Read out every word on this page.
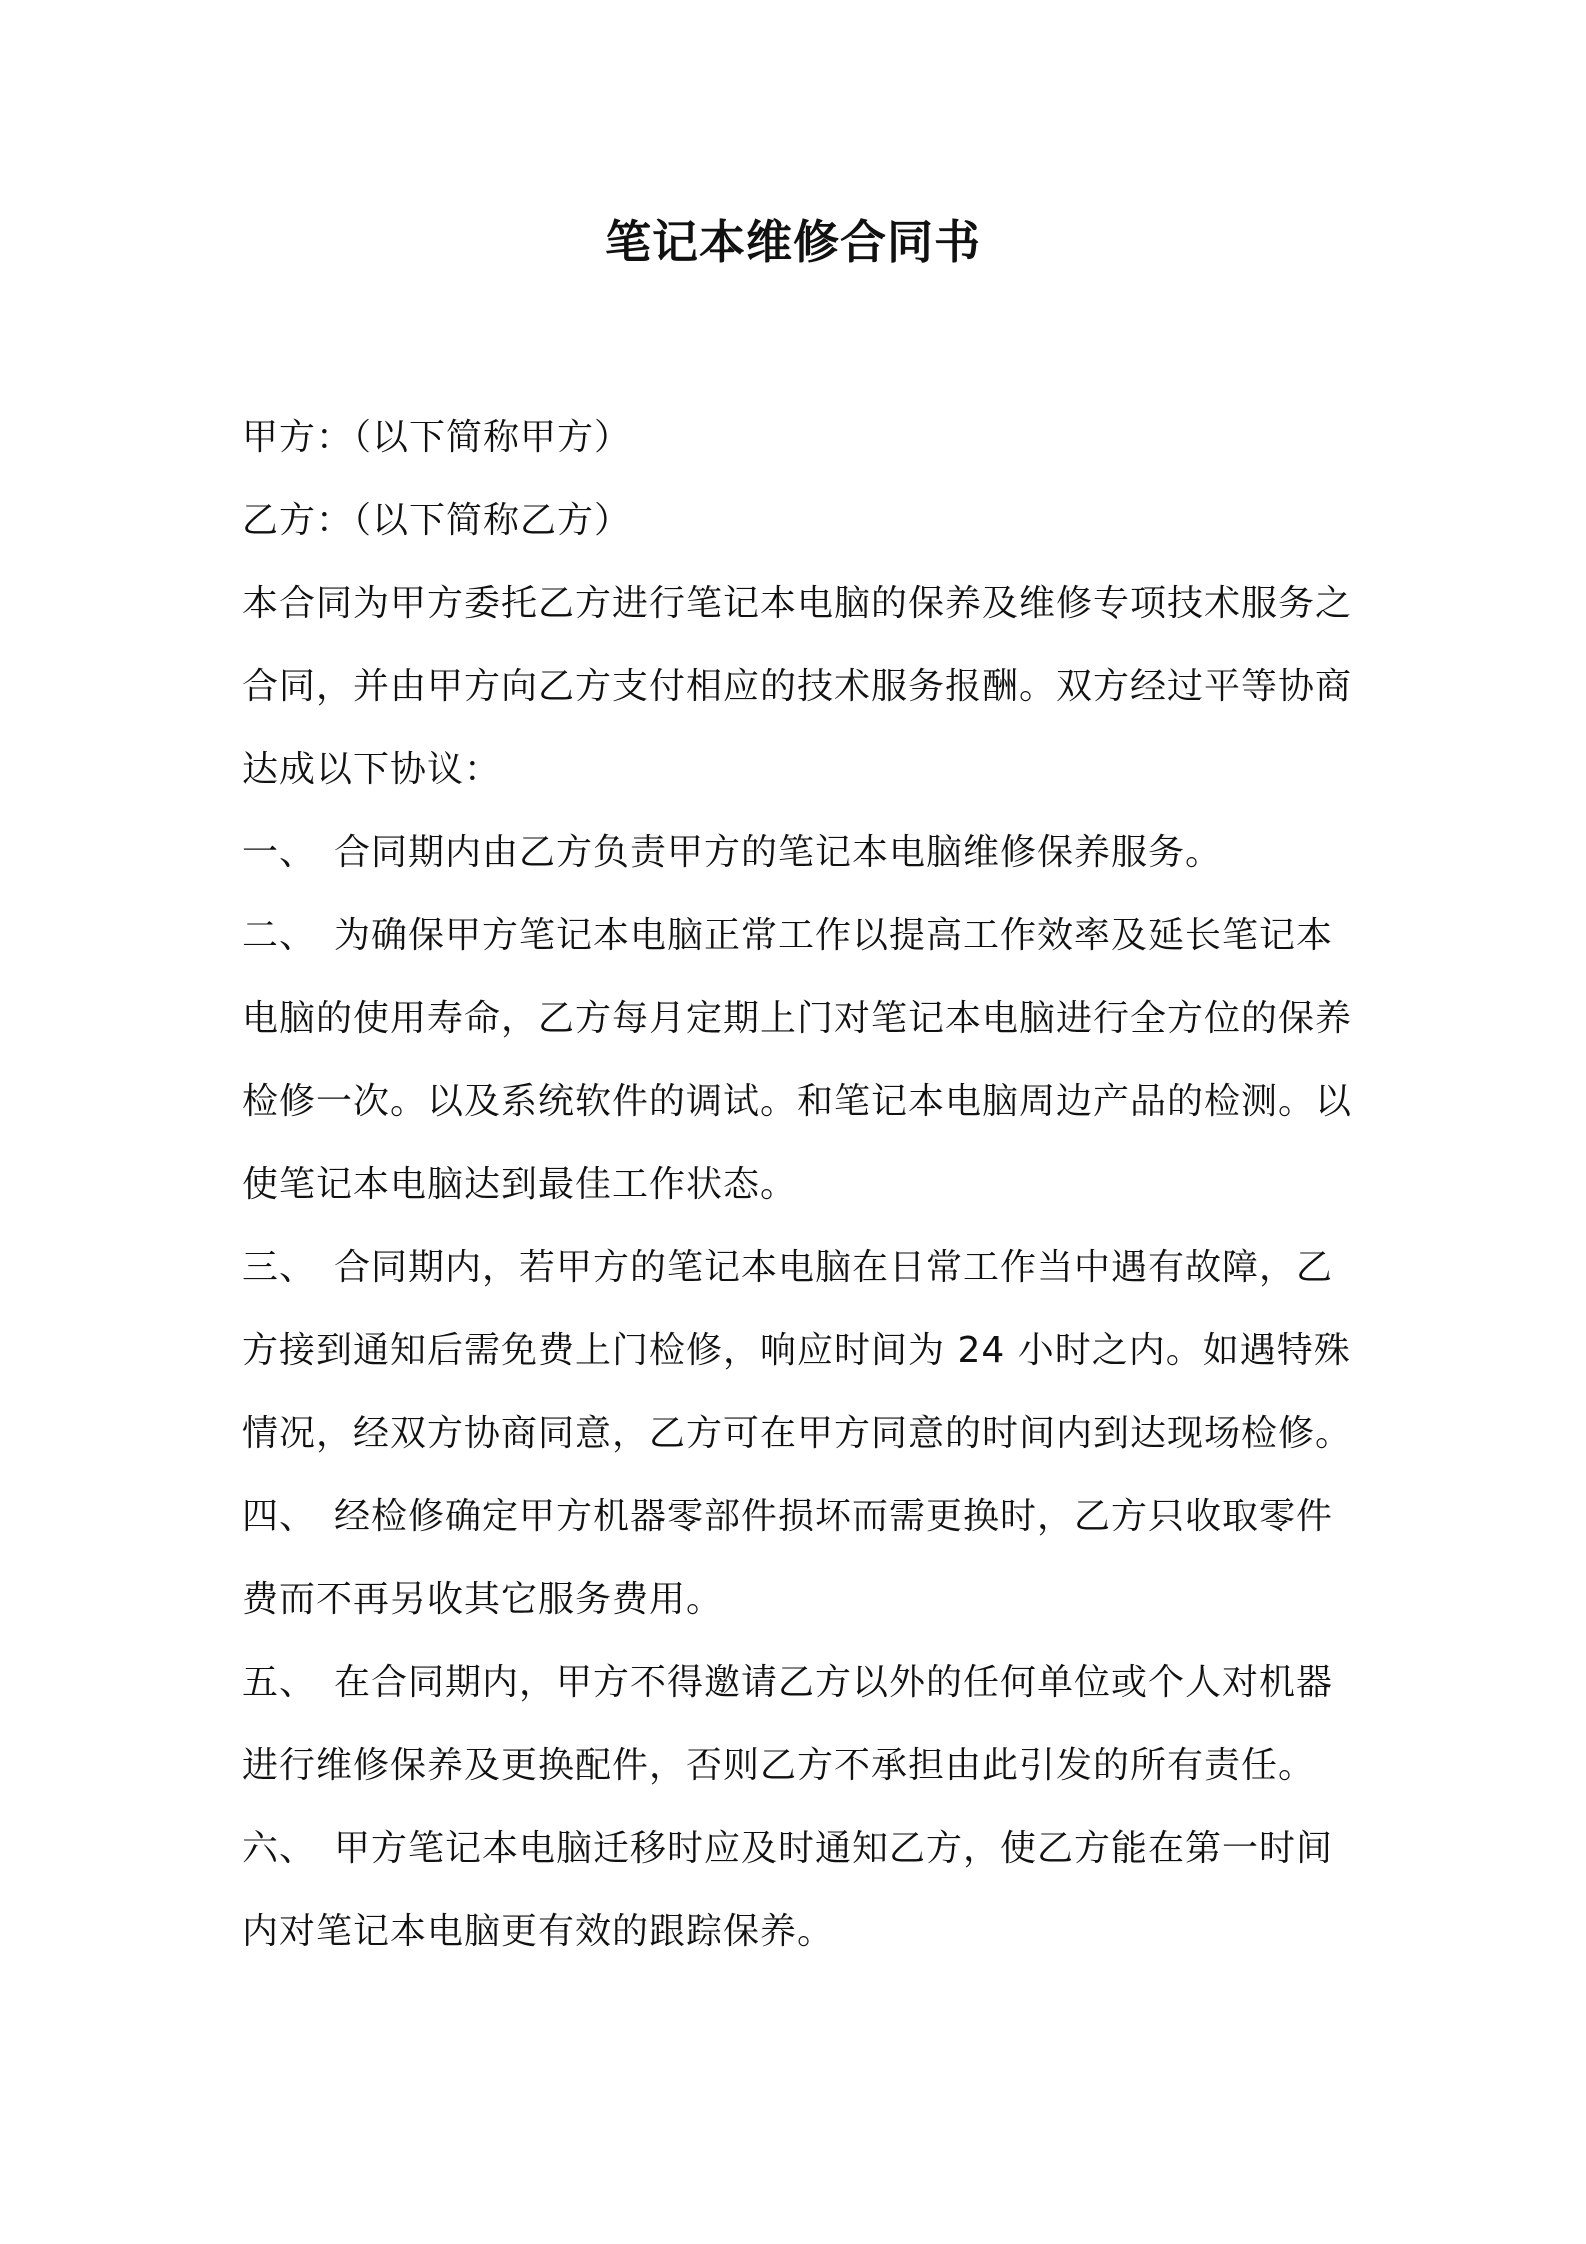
笔记本维修合同书

甲方：（以下简称甲方）

乙方：（以下简称乙方）

本合同为甲方委托乙方进行笔记本电脑的保养及维修专项技术服务之合同，并由甲方向乙方支付相应的技术服务报酬。双方经过平等协商达成以下协议：

一、 合同期内由乙方负责甲方的笔记本电脑维修保养服务。

二、 为确保甲方笔记本电脑正常工作以提高工作效率及延长笔记本电脑的使用寿命，乙方每月定期上门对笔记本电脑进行全方位的保养检修一次。以及系统软件的调试。和笔记本电脑周边产品的检测。以使笔记本电脑达到最佳工作状态。

三、 合同期内，若甲方的笔记本电脑在日常工作当中遇有故障，乙方接到通知后需免费上门检修，响应时间为 24 小时之内。如遇特殊情况，经双方协商同意，乙方可在甲方同意的时间内到达现场检修。

四、 经检修确定甲方机器零部件损坏而需更换时，乙方只收取零件费而不再另收其它服务费用。

五、 在合同期内，甲方不得邀请乙方以外的任何单位或个人对机器进行维修保养及更换配件，否则乙方不承担由此引发的所有责任。

六、 甲方笔记本电脑迁移时应及时通知乙方，使乙方能在第一时间内对笔记本电脑更有效的跟踪保养。
